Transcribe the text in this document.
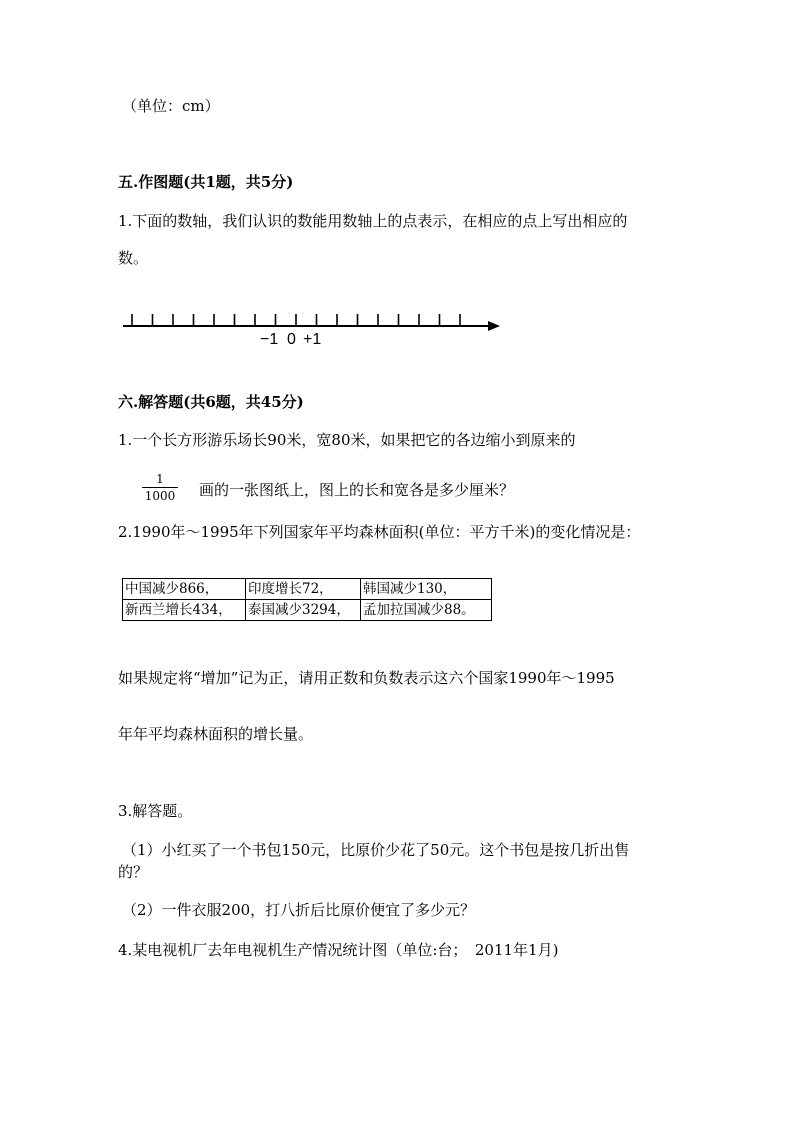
（单位：cm）
五.作图题(共1题，共5分)
1.下面的数轴，我们认识的数能用数轴上的点表示，在相应的点上写出相应的
数。
−1 0 +1
六.解答题(共6题，共45分)
1.一个长方形游乐场长90米，宽80米，如果把它的各边缩小到原来的
$\frac{1}{1000}$ 画的一张图纸上，图上的长和宽各是多少厘米？
2.1990年～1995年下列国家年平均森林面积(单位：平方千米)的变化情况是：
中国减少866，	印度增长72，	韩国减少130，
新西兰增长434，	泰国减少3294，	孟加拉国减少88。
如果规定将“增加”记为正，请用正数和负数表示这六个国家1990年～1995
年年平均森林面积的增长量。
3.解答题。
（1）小红买了一个书包150元，比原价少花了50元。这个书包是按几折出售
的？
（2）一件衣服200，打八折后比原价便宜了多少元？
4.某电视机厂去年电视机生产情况统计图（单位:台；　2011年1月)
